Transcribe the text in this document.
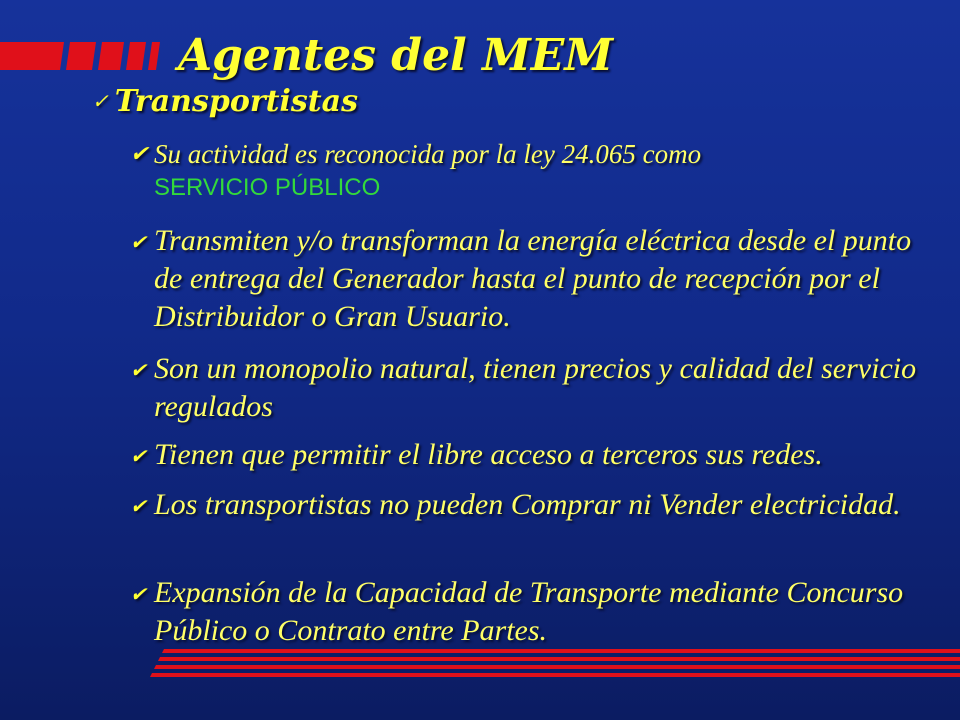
Agentes del MEM
✓ Transportistas
✔ Su actividad es reconocida por la ley 24.065 como
SERVICIO PÚBLICO
✔ Transmiten y/o transforman la energía eléctrica desde el punto de entrega del Generador hasta el punto de recepción por el Distribuidor o Gran Usuario.
✔ Son un monopolio natural, tienen precios y calidad del servicio regulados
✔ Tienen que permitir el libre acceso a terceros sus redes.
✔ Los transportistas no pueden Comprar ni Vender electricidad.
✔ Expansión de la Capacidad de Transporte mediante Concurso Público o Contrato entre Partes.
